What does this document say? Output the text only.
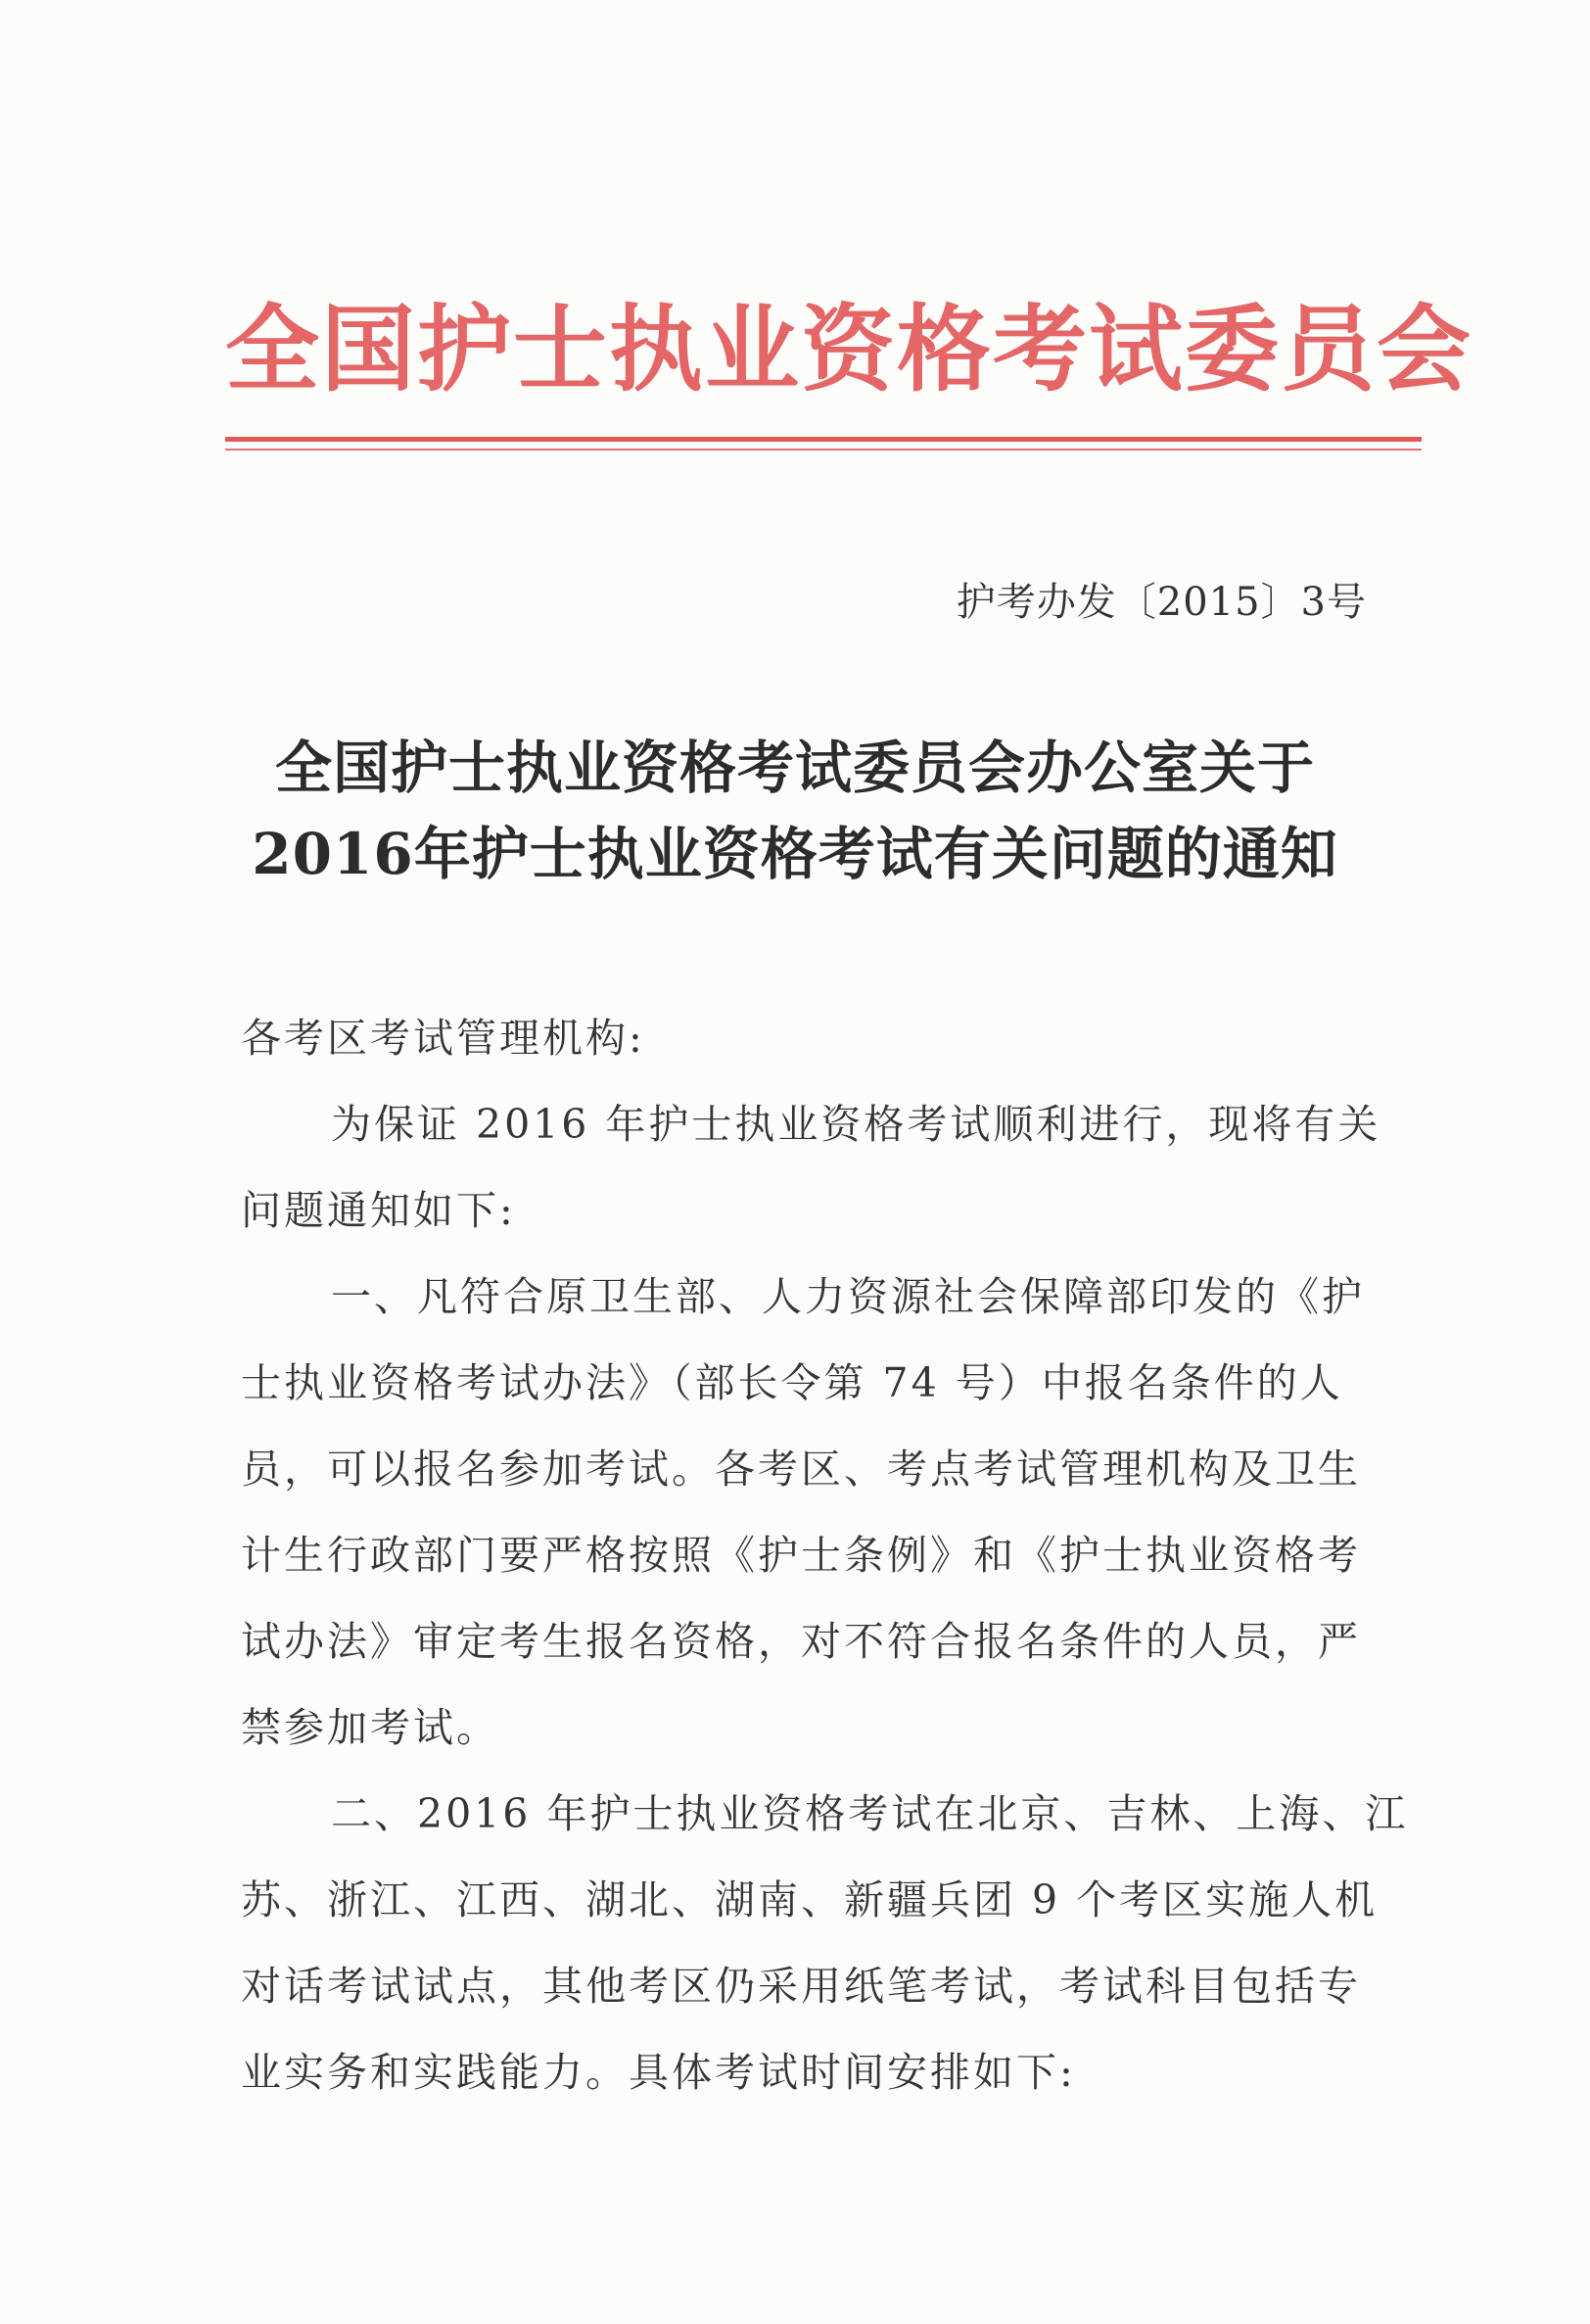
全国护士执业资格考试委员会
护考办发〔2015〕3号
全国护士执业资格考试委员会办公室关于
2016年护士执业资格考试有关问题的通知
各考区考试管理机构:
为保证 2016 年护士执业资格考试顺利进行，现将有关
问题通知如下:
一、凡符合原卫生部、人力资源社会保障部印发的《护
士执业资格考试办法》（部长令第 74 号）中报名条件的人
员，可以报名参加考试。各考区、考点考试管理机构及卫生
计生行政部门要严格按照《护士条例》和《护士执业资格考
试办法》审定考生报名资格，对不符合报名条件的人员，严
禁参加考试。
二、2016 年护士执业资格考试在北京、吉林、上海、江
苏、浙江、江西、湖北、湖南、新疆兵团 9 个考区实施人机
对话考试试点，其他考区仍采用纸笔考试，考试科目包括专
业实务和实践能力。具体考试时间安排如下:
